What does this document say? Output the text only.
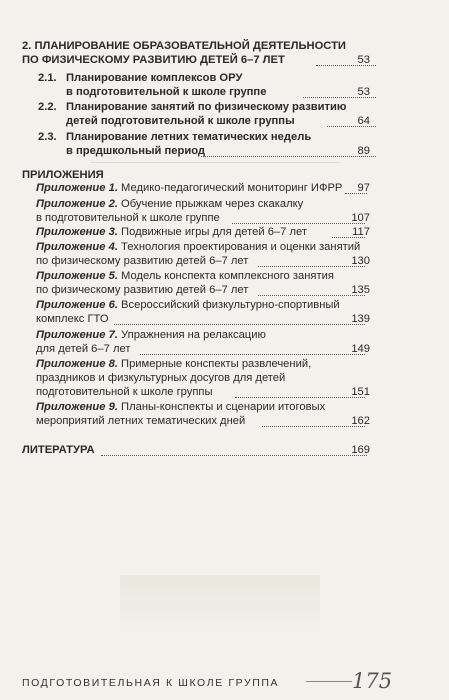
2. ПЛАНИРОВАНИЕ ОБРАЗОВАТЕЛЬНОЙ ДЕЯТЕЛЬНОСТИ
ПО ФИЗИЧЕСКОМУ РАЗВИТИЮ ДЕТЕЙ 6–7 ЛЕТ	53
2.1. Планирование комплексов ОРУ
в подготовительной к школе группе	53
2.2. Планирование занятий по физическому развитию
детей подготовительной к школе группы	64
2.3. Планирование летних тематических недель
в предшкольный период	89
ПРИЛОЖЕНИЯ
Приложение 1. Медико-педагогический мониторинг ИФРР	97
Приложение 2. Обучение прыжкам через скакалку
в подготовительной к школе группе	107
Приложение 3. Подвижные игры для детей 6–7 лет	117
Приложение 4. Технология проектирования и оценки занятий
по физическому развитию детей 6–7 лет	130
Приложение 5. Модель конспекта комплексного занятия
по физическому развитию детей 6–7 лет	135
Приложение 6. Всероссийский физкультурно-спортивный
комплекс ГТО	139
Приложение 7. Упражнения на релаксацию
для детей 6–7 лет	149
Приложение 8. Примерные конспекты развлечений,
праздников и физкультурных досугов для детей
подготовительной к школе группы	151
Приложение 9. Планы-конспекты и сценарии итоговых
мероприятий летних тематических дней	162
ЛИТЕРАТУРА	169
ПОДГОТОВИТЕЛЬНАЯ К ШКОЛЕ ГРУППА	175
